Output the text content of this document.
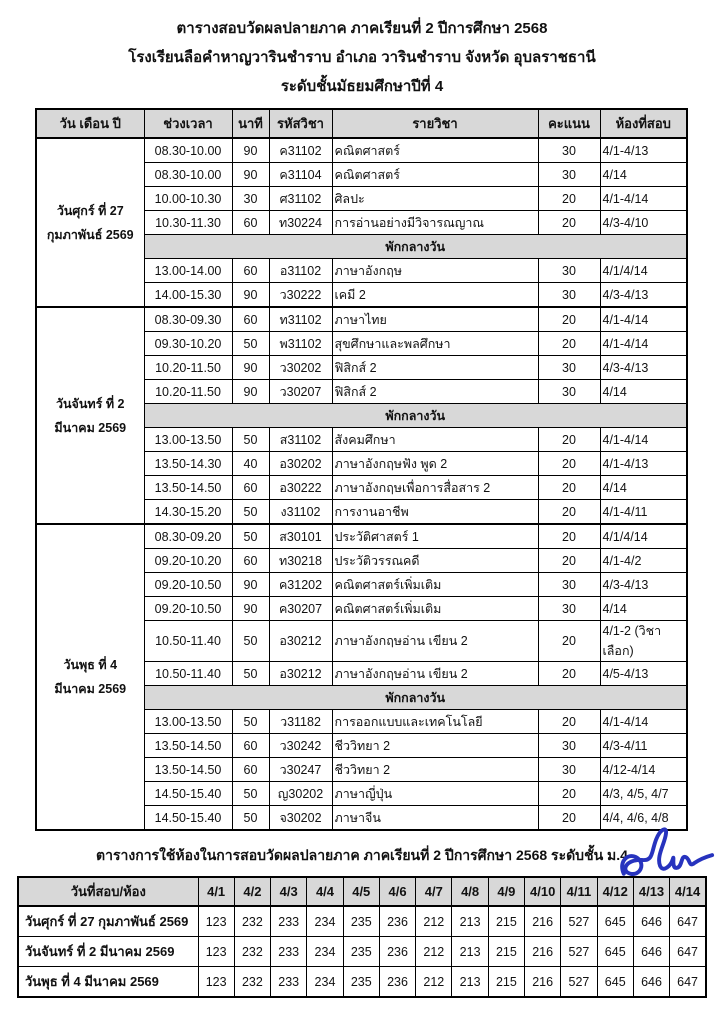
ตารางสอบวัดผลปลายภาค ภาคเรียนที่ 2 ปีการศึกษา 2568
โรงเรียนลือคำหาญวารินชำราบ อำเภอ วารินชำราบ จังหวัด อุบลราชธานี
ระดับชั้นมัธยมศึกษาปีที่ 4
วัน เดือน ปี	ช่วงเวลา	นาที	รหัสวิชา	รายวิชา	คะแนน	ห้องที่สอบ

วันศุกร์ ที่ 27
กุมภาพันธ์ 2569	08.30-10.00	90	ค31102	คณิตศาสตร์	30	4/1-4/13
	08.30-10.00	90	ค31104	คณิตศาสตร์	30	4/14
	10.00-10.30	30	ศ31102	ศิลปะ	20	4/1-4/14
	10.30-11.30	60	ท30224	การอ่านอย่างมีวิจารณญาณ	20	4/3-4/10
	พักกลางวัน					
	13.00-14.00	60	อ31102	ภาษาอังกฤษ	30	4/1/4/14
	14.00-15.30	90	ว30222	เคมี 2	30	4/3-4/13

วันจันทร์ ที่ 2
มีนาคม 2569	08.30-09.30	60	ท31102	ภาษาไทย	20	4/1-4/14
	09.30-10.20	50	พ31102	สุขศึกษาและพลศึกษา	20	4/1-4/14
	10.20-11.50	90	ว30202	ฟิสิกส์ 2	30	4/3-4/13
	10.20-11.50	90	ว30207	ฟิสิกส์ 2	30	4/14
	พักกลางวัน					
	13.00-13.50	50	ส31102	สังคมศึกษา	20	4/1-4/14
	13.50-14.30	40	อ30202	ภาษาอังกฤษฟัง พูด 2	20	4/1-4/13
	13.50-14.50	60	อ30222	ภาษาอังกฤษเพื่อการสื่อสาร 2	20	4/14
	14.30-15.20	50	ง31102	การงานอาชีพ	20	4/1-4/11

วันพุธ ที่ 4
มีนาคม 2569	08.30-09.20	50	ส30101	ประวัติศาสตร์ 1	20	4/1/4/14
	09.20-10.20	60	ท30218	ประวัติวรรณคดี	20	4/1-4/2
	09.20-10.50	90	ค31202	คณิตศาสตร์เพิ่มเติม	30	4/3-4/13
	09.20-10.50	90	ค30207	คณิตศาสตร์เพิ่มเติม	30	4/14
	10.50-11.40	50	อ30212	ภาษาอังกฤษอ่าน เขียน 2	20	4/1-2 (วิชาเลือก)
	10.50-11.40	50	อ30212	ภาษาอังกฤษอ่าน เขียน 2	20	4/5-4/13
	พักกลางวัน					
	13.00-13.50	50	ว31182	การออกแบบและเทคโนโลยี	20	4/1-4/14
	13.50-14.50	60	ว30242	ชีววิทยา 2	30	4/3-4/11
	13.50-14.50	60	ว30247	ชีววิทยา 2	30	4/12-4/14
	14.50-15.40	50	ญ30202	ภาษาญี่ปุ่น	20	4/3, 4/5, 4/7
	14.50-15.40	50	จ30202	ภาษาจีน	20	4/4, 4/6, 4/8
ตารางการใช้ห้องในการสอบวัดผลปลายภาค ภาคเรียนที่ 2 ปีการศึกษา 2568 ระดับชั้น ม.4
วันที่สอบ/ห้อง	4/1	4/2	4/3	4/4	4/5	4/6	4/7	4/8	4/9	4/10	4/11	4/12	4/13	4/14
วันศุกร์ ที่ 27 กุมภาพันธ์ 2569	123	232	233	234	235	236	212	213	215	216	527	645	646	647
วันจันทร์ ที่ 2 มีนาคม 2569	123	232	233	234	235	236	212	213	215	216	527	645	646	647
วันพุธ ที่ 4 มีนาคม 2569	123	232	233	234	235	236	212	213	215	216	527	645	646	647
